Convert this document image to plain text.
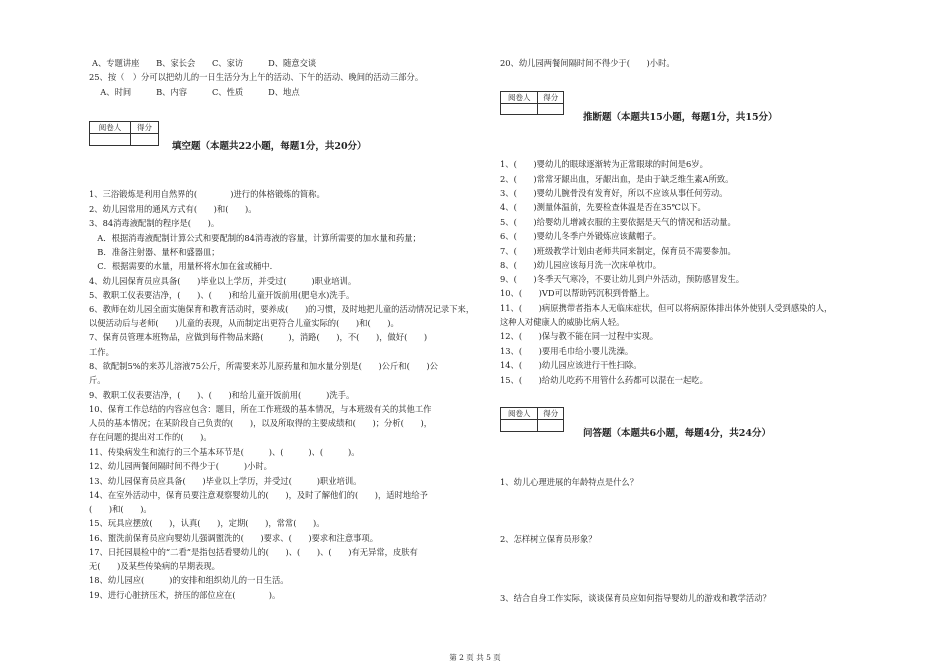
A、专题讲座　　B、家长会　　C、家访　　　D、随意交谈
25、按（　）分可以把幼儿的一日生活分为上午的活动、下午的活动、晚间的活动三部分。
　A、时间　　　B、内容　　　C、性质　　　D、地点
阅卷人	得分

填空题（本题共22小题，每题1分，共20分）
1、三浴锻炼是利用自然界的(　　　　)进行的体格锻炼的简称。
2、幼儿园常用的通风方式有(　　)和(　　)。
3、84消毒液配制的程序是(　　)。
　A．根据消毒液配制计算公式和要配制的84消毒液的容量，计算所需要的加水量和药量；
　B．准备注射器、量杯和盛器皿；
　C．根据需要的水量，用量杯将水加在盆或桶中.
4、幼儿园保育员应具备(　　)毕业以上学历，并受过(　　　)职业培训。
5、教职工仪表要洁净，(　　)、(　　)和给儿童开饭前用(肥皂水)洗手。
6、教师在幼儿园全面实施保育和教育活动时，要养成(　　)的习惯，及时地把儿童的活动情况记录下来，
以便活动后与老师(　　)儿童的表现，从而制定出更符合儿童实际的(　　)和(　　)。
7、保育员管理本班物品，应做到每件物品来路(　　　)，消路(　　)，不(　　)，做好(　　)
工作。
8、欲配制5%的来苏儿溶液75公斤，所需要来苏儿原药量和加水量分别是(　　)公斤和(　　)公
斤。
9、教职工仪表要洁净，(　　)、(　　)和给儿童开饭前用(　　　)洗手。
10、保育工作总结的内容应包含：题目，所在工作班级的基本情况，与本班级有关的其他工作
人员的基本情况；在某阶段自己负责的(　　)，以及所取得的主要成绩和(　　)；分析(　　)，
存在问题的提出对工作的(　　)。
11、传染病发生和流行的三个基本环节是(　　　)、(　　　)、(　　　)。
12、幼儿园两餐间隔时间不得少于(　　　)小时。
13、幼儿园保育员应具备(　　)毕业以上学历，并受过(　　　)职业培训。
14、在室外活动中，保育员要注意观察婴幼儿的(　　)，及时了解他们的(　　)，适时地给予
(　　)和(　　)。
15、玩具应摆放(　　)，认真(　　)，定期(　　)，常常(　　)。
16、盥洗前保育员应向婴幼儿强调盥洗的(　　)要求、(　　)要求和注意事项。
17、日托园晨检中的“二看”是指包括看婴幼儿的(　　)、(　　)、(　　)有无异常，皮肤有
无(　　)及某些传染病的早期表现。
18、幼儿园应(　　　)的安排和组织幼儿的一日生活。
19、进行心脏挤压术，挤压的部位应在(　　　　)。
20、幼儿园两餐间隔时间不得少于(　　)小时。
阅卷人	得分

推断题（本题共15小题，每题1分，共15分）
1、(　　)婴幼儿的眼球逐渐转为正常眼球的时间是6岁。
2、(　　)常常牙龈出血，牙龈出血，是由于缺乏维生素A所致。
3、(　　)婴幼儿腕骨没有发育好，所以不应该从事任何劳动。
4、(　　)测量体温前，先要检查体温是否在35℃以下。
5、(　　)给婴幼儿增减衣服的主要依据是天气的情况和活动量。
6、(　　)婴幼儿冬季户外锻炼应该戴帽子。
7、(　　)班级教学计划由老师共同来制定，保育员不需要参加。
8、(　　)幼儿园应该每月洗一次床单枕巾。
9、(　　)冬季天气寒冷，不要让幼儿到户外活动，预防感冒发生。
10、(　　)VD可以帮助钙沉积到骨骼上。
11、(　　)病原携带者指本人无临床症状，但可以将病原体排出体外使别人受到感染的人，
这种人对健康人的威胁比病人轻。
12、(　　)保与教不能在同一过程中实现。
13、(　　)要用毛巾给小婴儿洗澡。
14、(　　)幼儿园应该进行干性扫除。
15、(　　)给幼儿吃药不用管什么药都可以混在一起吃。
阅卷人	得分

问答题（本题共6小题，每题4分，共24分）
1、幼儿心理进展的年龄特点是什么？
2、怎样树立保育员形象？
3、结合自身工作实际，谈谈保育员应如何指导婴幼儿的游戏和教学活动？
第 2 页 共 5 页
